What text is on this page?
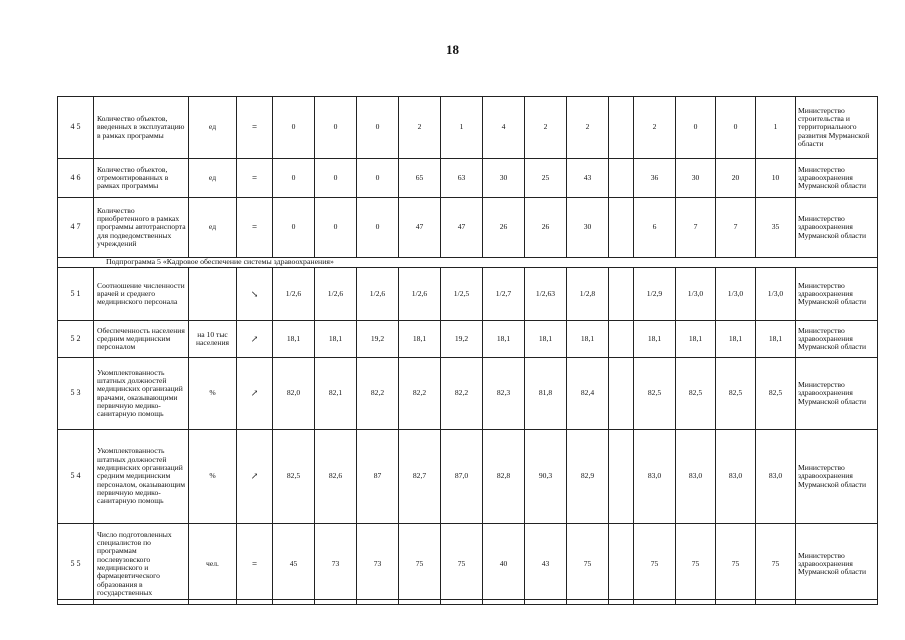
18
4 5	Количество объектов, введенных в эксплуатацию в рамках программы	ед	=	0	0	0	2	1	4	2	2		2	0	0	1	Министерство строительства и территориального развития Мурманской области
4 6	Количество объектов, отремонтированных в рамках программы	ед	=	0	0	0	65	63	30	25	43		36	30	20	10	Министерство здравоохранения Мурманской области
4 7	Количество приобретенного в рамках программы автотранспорта для подведомственных учреждений	ед	=	0	0	0	47	47	26	26	30		6	7	7	35	Министерство здравоохранения Мурманской области
Подпрограмма 5 «Кадровое обеспечение системы здравоохранения»																	
5 1	Соотношение численности врачей и среднего медицинского персонала		↘	1/2,6	1/2,6	1/2,6	1/2,6	1/2,5	1/2,7	1/2,63	1/2,8		1/2,9	1/3,0	1/3,0	1/3,0	Министерство здравоохранения Мурманской области
5 2	Обеспеченность населения средним медицинским персоналом	на 10 тыс населения	↗	18,1	18,1	19,2	18,1	19,2	18,1	18,1	18,1		18,1	18,1	18,1	18,1	Министерство здравоохранения Мурманской области
5 3	Укомплектованность штатных должностей медицинских организаций врачами, оказывающими первичную медико-санитарную помощь	%	↗	82,0	82,1	82,2	82,2	82,2	82,3	81,8	82,4		82,5	82,5	82,5	82,5	Министерство здравоохранения Мурманской области
5 4	Укомплектованность штатных должностей медицинских организаций средним медицинским персоналом, оказывающим первичную медико-санитарную помощь	%	↗	82,5	82,6	87	82,7	87,0	82,8	90,3	82,9		83,0	83,0	83,0	83,0	Министерство здравоохранения Мурманской области
5 5	Число подготовленных специалистов по программам послевузовского медицинского и фармацевтического образования в государственных	чел.	=	45	73	73	75	75	40	43	75		75	75	75	75	Министерство здравоохранения Мурманской области
